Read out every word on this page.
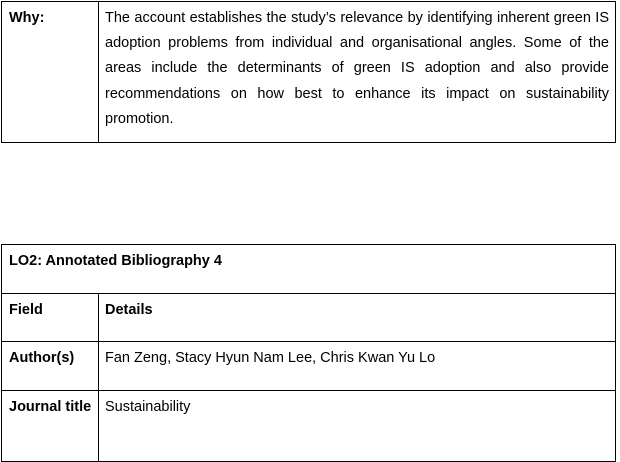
Why:	The account establishes the study’s relevance by identifying inherent green IS adoption problems from individual and organisational angles. Some of the areas include the determinants of green IS adoption and also provide recommendations on how best to enhance its impact on sustainability promotion.
LO2: Annotated Bibliography 4	

Field	Details

Author(s)	Fan Zeng, Stacy Hyun Nam Lee, Chris Kwan Yu Lo

Journal title	Sustainability
